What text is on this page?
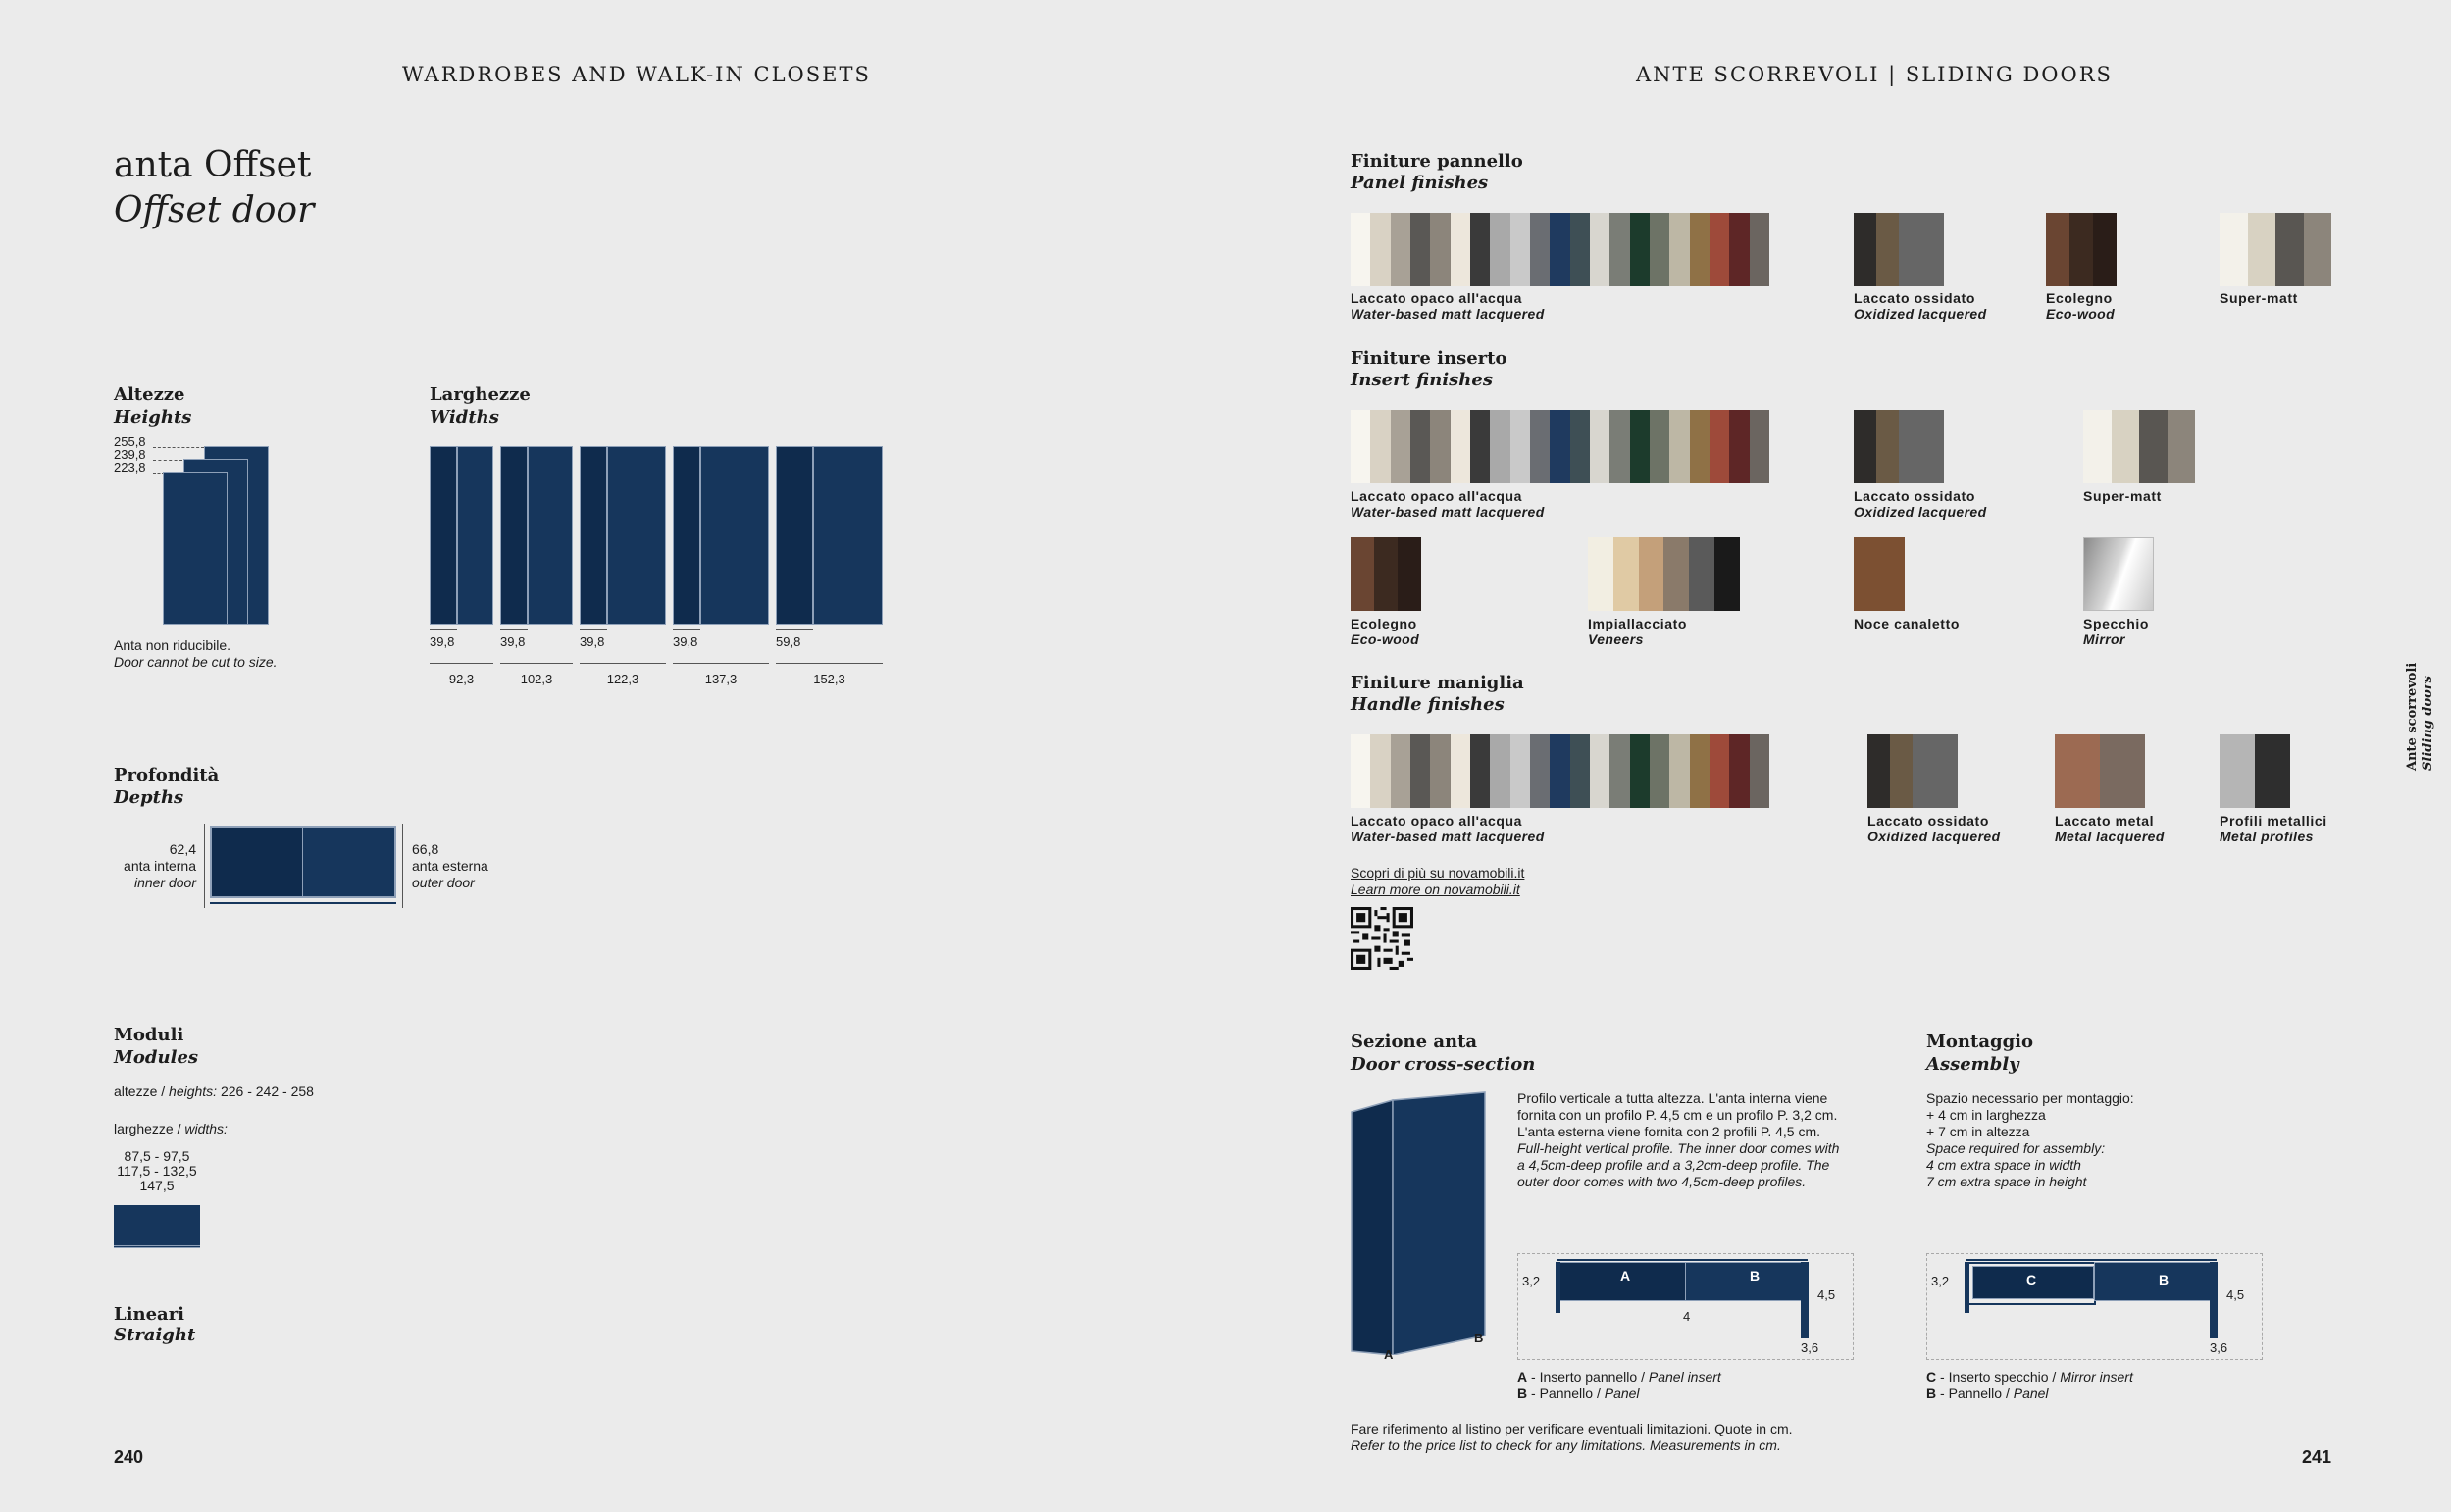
WARDROBES AND WALK-IN CLOSETS
anta Offset
Offset door
Altezze
Heights
255,8
239,8
223,8
Anta non riducibile.
Door cannot be cut to size.
Larghezze
Widths
39,8	39,8	39,8	39,8	59,8
92,3	102,3	122,3	137,3	152,3
Profondità
Depths
62,4
anta interna
inner door
66,8
anta esterna
outer door
Moduli
Modules
altezze / heights: 226 - 242 - 258
larghezze / widths:
87,5 - 97,5
117,5 - 132,5
147,5
Lineari
Straight
240
ANTE SCORREVOLI | SLIDING DOORS
Ante scorrevoli Sliding doors
Finiture pannello
Panel finishes
Laccato opaco all'acqua
Water-based matt lacquered
Laccato ossidato
Oxidized lacquered
Ecolegno
Eco-wood
Super-matt
Finiture inserto
Insert finishes
Laccato opaco all'acqua
Water-based matt lacquered
Laccato ossidato
Oxidized lacquered
Super-matt
Ecolegno
Eco-wood
Impiallacciato
Veneers
Noce canaletto	Specchio
Mirror
Finiture maniglia
Handle finishes
Laccato opaco all'acqua
Water-based matt lacquered
Laccato ossidato
Oxidized lacquered
Laccato metal
Metal lacquered
Profili metallici
Metal profiles
Scopri di più su novamobili.it
Learn more on novamobili.it
Sezione anta
Door cross-section
A
B
Profilo verticale a tutta altezza. L'anta interna viene fornita con un profilo P. 4,5 cm e un profilo P. 3,2 cm. L'anta esterna viene fornita con 2 profili P. 4,5 cm.
Full-height vertical profile. The inner door comes with a 4,5cm-deep profile and a 3,2cm-deep profile. The outer door comes with two 4,5cm-deep profiles.
A	B
3,2
4,5
4
3,6
A - Inserto pannello / Panel insert
B - Pannello / Panel
Montaggio
Assembly
Spazio necessario per montaggio:
+ 4 cm in larghezza
+ 7 cm in altezza
Space required for assembly:
4 cm extra space in width
7 cm extra space in height
C	B
3,2
4,5
3,6
C - Inserto specchio / Mirror insert
B - Pannello / Panel
Fare riferimento al listino per verificare eventuali limitazioni. Quote in cm.
Refer to the price list to check for any limitations. Measurements in cm.
241
